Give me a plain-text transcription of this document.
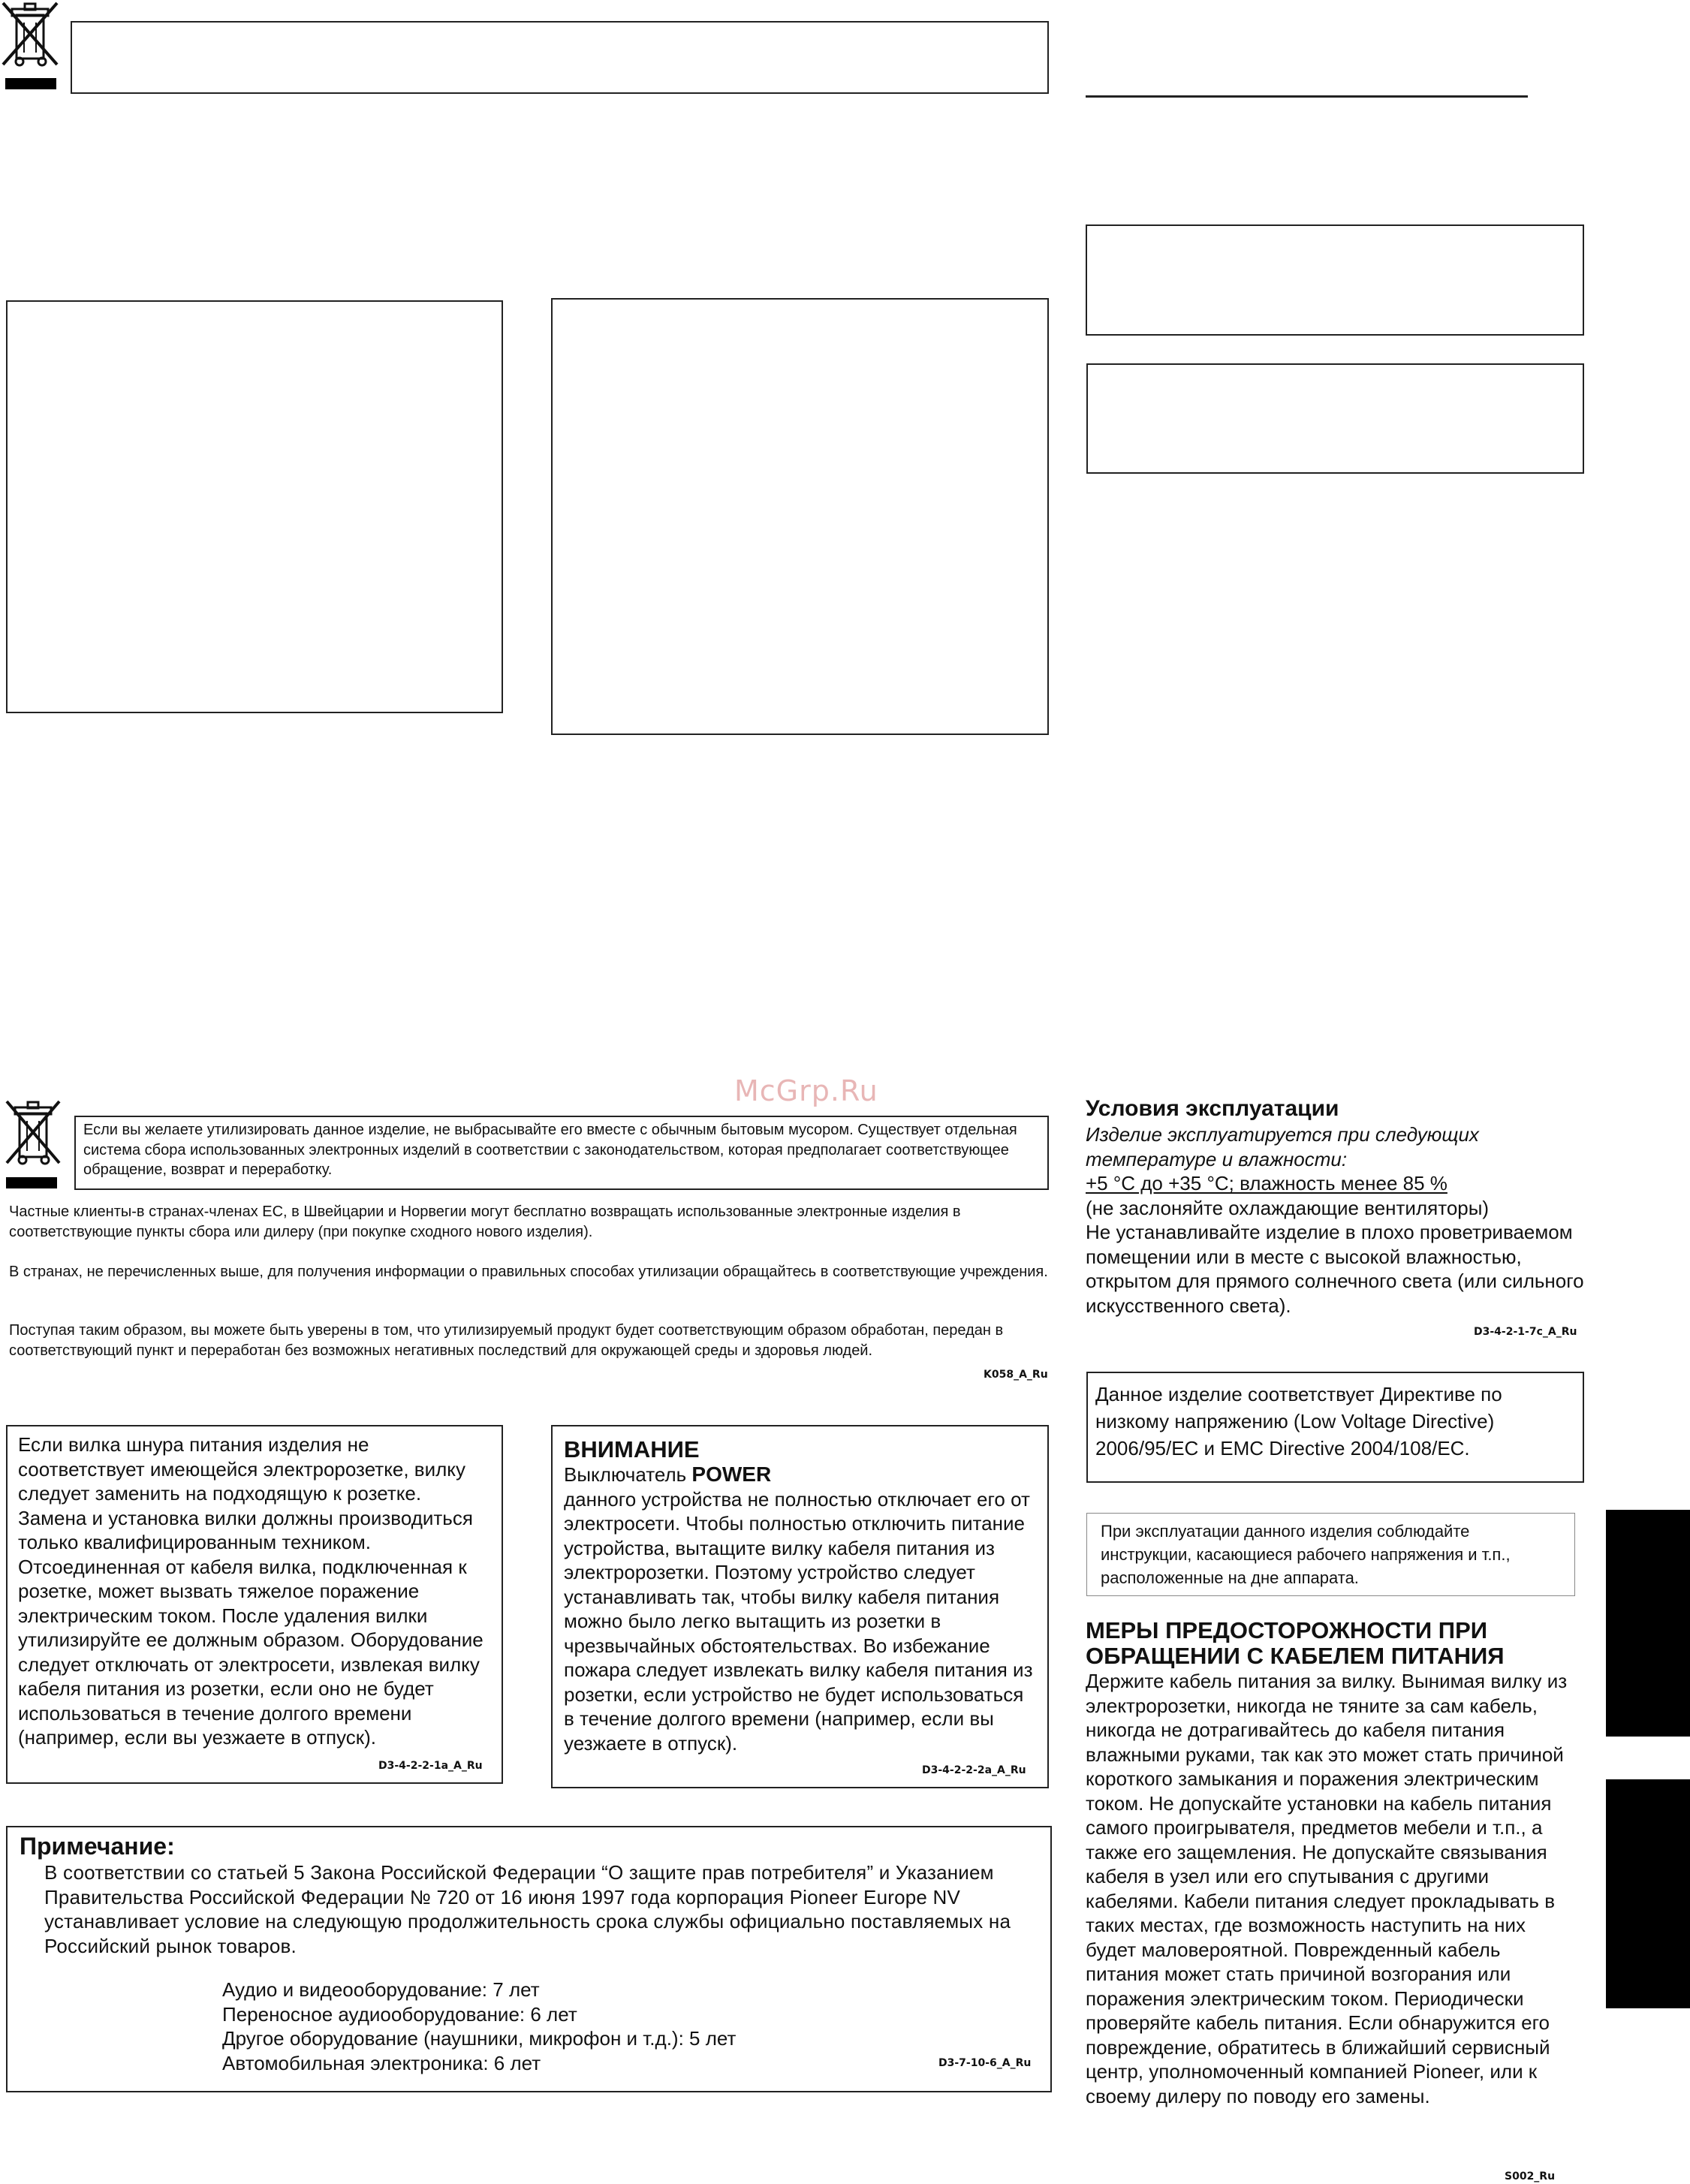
McGrp.Ru
Если вы желаете утилизировать данное изделие, не выбрасывайте его вместе с обычным бытовым мусором. Существует отдельная система сбора использованных электронных изделий в соответствии с законодательством, которая предполагает соответствующее обращение, возврат и переработку.
Частные клиенты-в странах-членах ЕС, в Швейцарии и Норвегии могут бесплатно возвращать использованные электронные изделия в соответствующие пункты сбора или дилеру (при покупке сходного нового изделия).
В странах, не перечисленных выше, для получения информации о правильных способах утилизации обращайтесь в соответствующие учреждения.
Поступая таким образом, вы можете быть уверены в том, что утилизируемый продукт будет соответствующим образом обработан, передан в соответствующий пункт и переработан без возможных негативных последствий для окружающей среды и здоровья людей.
K058_A_Ru
Если вилка шнура питания изделия не соответствует имеющейся электророзетке, вилку следует заменить на подходящую к розетке. Замена и установка вилки должны производиться только квалифицированным техником. Отсоединенная от кабеля вилка, подключенная к розетке, может вызвать тяжелое поражение электрическим током. После удаления вилки утилизируйте ее должным образом. Оборудование следует отключать от электросети, извлекая вилку кабеля питания из розетки, если оно не будет использоваться в течение долгого времени (например, если вы уезжаете в отпуск).
D3-4-2-2-1a_A_Ru
ВНИМАНИЕ
Выключатель POWER
данного устройства не полностью отключает его от электросети. Чтобы полностью отключить питание устройства, вытащите вилку кабеля питания из электророзетки. Поэтому устройство следует устанавливать так, чтобы вилку кабеля питания можно было легко вытащить из розетки в чрезвычайных обстоятельствах. Во избежание пожара следует извлекать вилку кабеля питания из розетки, если устройство не будет использоваться в течение долгого времени (например, если вы уезжаете в отпуск).
D3-4-2-2-2a_A_Ru
Примечание:
В соответствии со статьей 5 Закона Российской Федерации “О защите прав потребителя” и Указанием Правительства Российской Федерации № 720 от 16 июня 1997 года корпорация Pioneer Europe NV устанавливает условие на следующую продолжительность срока службы официально поставляемых на Российский рынок товаров.
Аудио и видеооборудование: 7 лет
Переносное аудиооборудование: 6 лет
Другое оборудование (наушники, микрофон и т.д.): 5 лет
Автомобильная электроника: 6 лет	D3-7-10-6_A_Ru
Условия эксплуатации
Изделие эксплуатируется при следующих температуре и влажности:
+5 °C до +35 °C; влажность менее 85 %
(не заслоняйте охлаждающие вентиляторы)
Не устанавливайте изделие в плохо проветриваемом помещении или в месте с высокой влажностью, открытом для прямого солнечного света (или сильного искусственного света).
D3-4-2-1-7c_A_Ru
Данное изделие соответствует Директиве по низкому напряжению (Low Voltage Directive) 2006/95/EC и EMC Directive 2004/108/EC.
При эксплуатации данного изделия соблюдайте инструкции, касающиеся рабочего напряжения и т.п., расположенные на дне аппарата.
МЕРЫ ПРЕДОСТОРОЖНОСТИ ПРИ ОБРАЩЕНИИ С КАБЕЛЕМ ПИТАНИЯ
Держите кабель питания за вилку. Вынимая вилку из электророзетки, никогда не тяните за сам кабель, никогда не дотрагивайтесь до кабеля питания влажными руками, так как это может стать причиной короткого замыкания и поражения электрическим током. Не допускайте установки на кабель питания самого проигрывателя, предметов мебели и т.п., а также его защемления. Не допускайте связывания кабеля в узел или его спутывания с другими кабелями. Кабели питания следует прокладывать в таких местах, где возможность наступить на них будет маловероятной. Поврежденный кабель питания может стать причиной возгорания или поражения электрическим током. Периодически проверяйте кабель питания. Если обнаружится его повреждение, обратитесь в ближайший сервисный центр, уполномоченный компанией Pioneer, или к своему дилеру по поводу его замены.
S002_Ru
